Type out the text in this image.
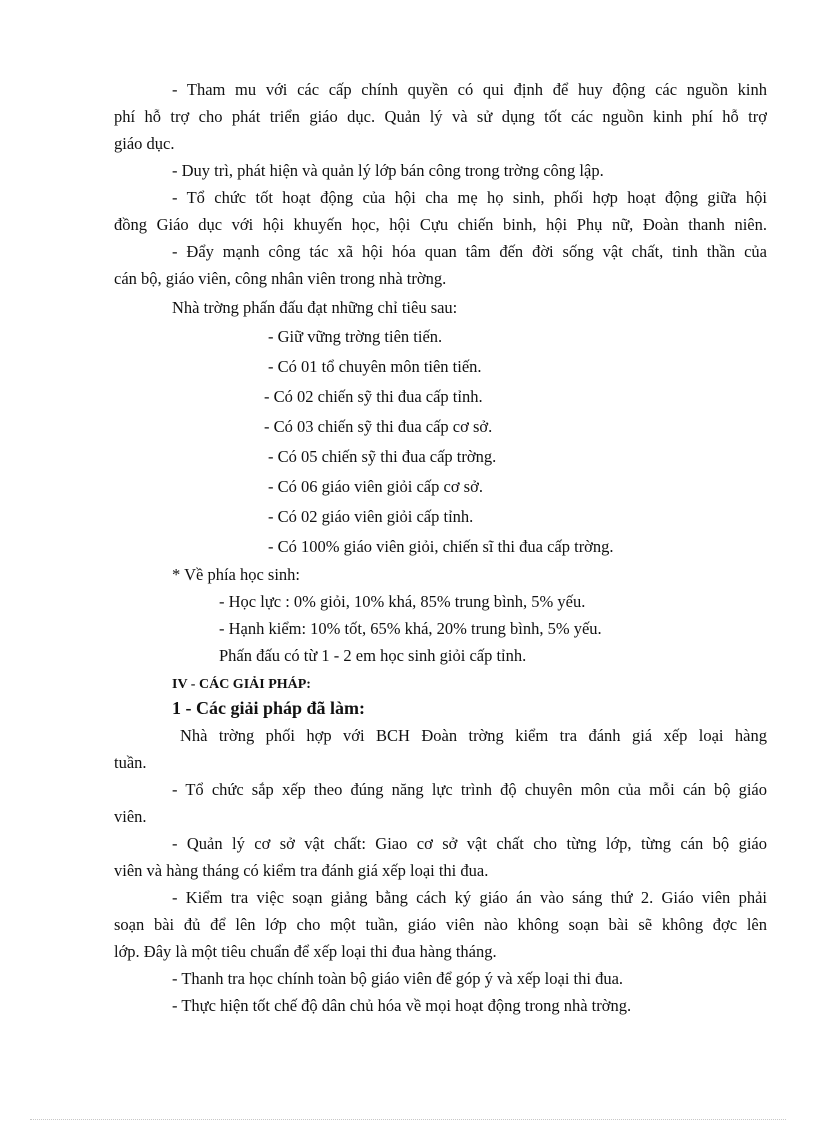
- Tham mu với các cấp chính quyền có qui định để huy động các nguồn kinh
phí hỗ trợ cho phát triển giáo dục. Quản lý và sử dụng tốt các nguồn kinh phí hỗ trợ
giáo dục.
- Duy trì, phát hiện và quản lý lớp bán công trong trờng công lập.
- Tổ chức tốt hoạt động của hội cha mẹ họ sinh, phối hợp hoạt động giữa hội
đồng Giáo dục với hội khuyến học, hội Cựu chiến binh, hội Phụ nữ, Đoàn thanh niên.
- Đẩy mạnh công tác xã hội hóa quan tâm đến đời sống vật chất, tinh thần của
cán bộ, giáo viên, công nhân viên trong nhà trờng.
Nhà trờng phấn đấu đạt những chỉ tiêu sau:
- Giữ vững trờng tiên tiến.
- Có 01 tổ chuyên môn tiên tiến.
- Có 02 chiến sỹ thi đua cấp tỉnh.
- Có 03 chiến sỹ thi đua cấp cơ sở.
- Có 05 chiến sỹ thi đua cấp trờng.
- Có 06 giáo viên giỏi cấp cơ sở.
- Có 02 giáo viên giỏi cấp tỉnh.
- Có 100% giáo viên giỏi, chiến sĩ thi đua cấp trờng.
* Về phía học sinh:
- Học lực : 0% giỏi, 10% khá, 85% trung bình, 5% yếu.
- Hạnh kiểm: 10% tốt, 65% khá, 20% trung bình, 5% yếu.
Phấn đấu có từ 1 - 2 em học sinh giỏi cấp tỉnh.
IV - CÁC GIẢI PHÁP:
1 - Các giải pháp đã làm:
Nhà trờng phối hợp với BCH Đoàn trờng kiểm tra đánh giá xếp loại hàng
tuần.
- Tổ chức sắp xếp theo đúng năng lực trình độ chuyên môn của mỗi cán bộ giáo
viên.
- Quản lý cơ sở vật chất: Giao cơ sở vật chất cho từng lớp, từng cán bộ giáo
viên và hàng tháng có kiểm tra đánh giá xếp loại thi đua.
- Kiểm tra việc soạn giảng bằng cách ký giáo án vào sáng thứ 2. Giáo viên phải
soạn bài đủ để lên lớp cho một tuần, giáo viên nào không soạn bài sẽ không đợc lên
lớp. Đây là một tiêu chuẩn để xếp loại thi đua hàng tháng.
- Thanh tra học chính toàn bộ giáo viên để góp ý và xếp loại thi đua.
- Thực hiện tốt chế độ dân chủ hóa về mọi hoạt động trong nhà trờng.
